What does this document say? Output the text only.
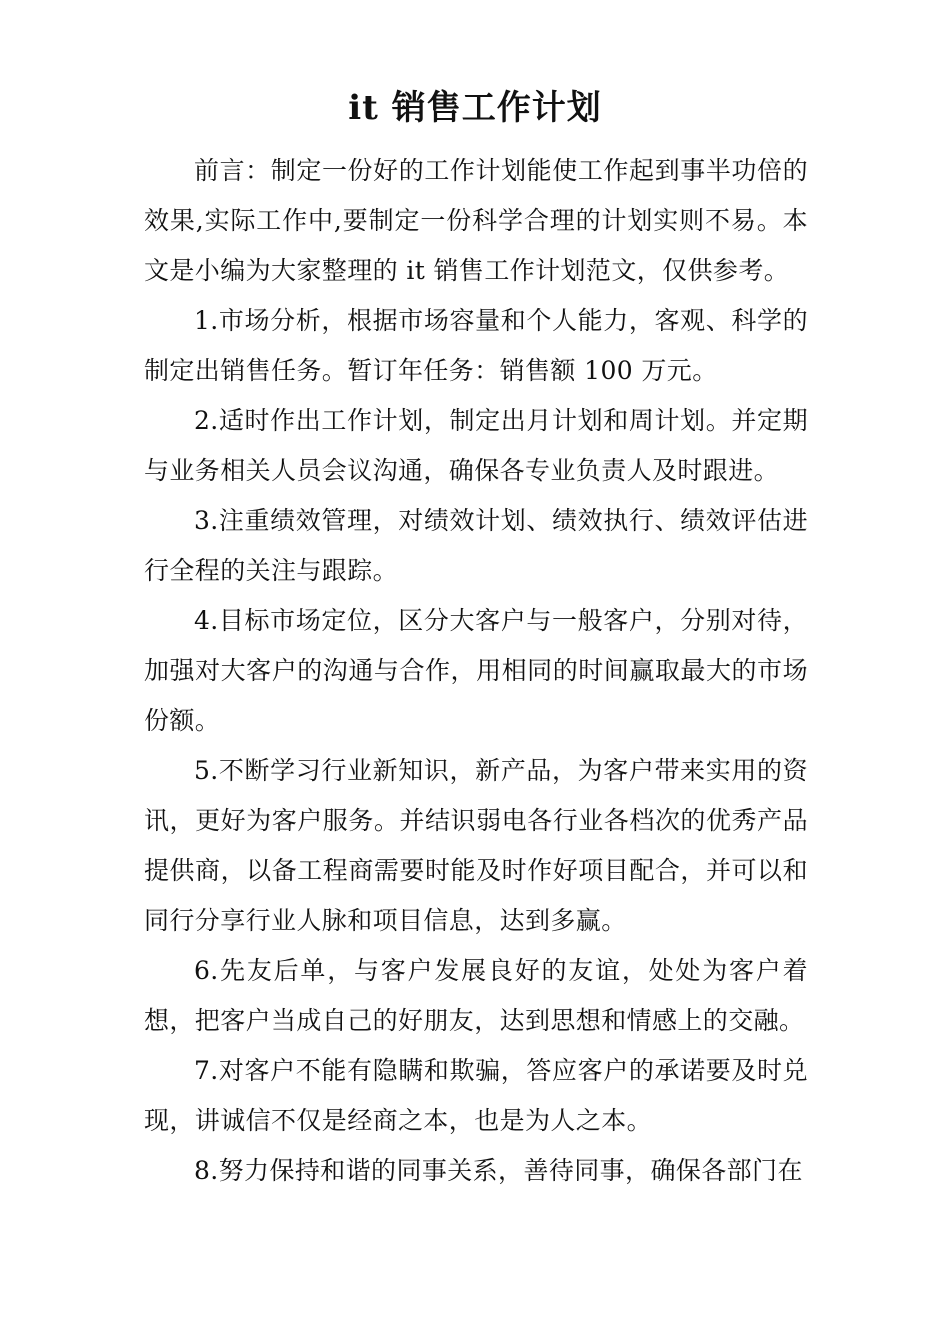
it 销售工作计划

前言：制定一份好的工作计划能使工作起到事半功倍的效果,实际工作中,要制定一份科学合理的计划实则不易。本文是小编为大家整理的 it 销售工作计划范文，仅供参考。

1.市场分析，根据市场容量和个人能力，客观、科学的制定出销售任务。暂订年任务：销售额 100 万元。

2.适时作出工作计划，制定出月计划和周计划。并定期与业务相关人员会议沟通，确保各专业负责人及时跟进。

3.注重绩效管理，对绩效计划、绩效执行、绩效评估进行全程的关注与跟踪。

4.目标市场定位，区分大客户与一般客户，分别对待，加强对大客户的沟通与合作，用相同的时间赢取最大的市场份额。

5.不断学习行业新知识，新产品，为客户带来实用的资讯，更好为客户服务。并结识弱电各行业各档次的优秀产品提供商，以备工程商需要时能及时作好项目配合，并可以和同行分享行业人脉和项目信息，达到多赢。

6.先友后单，与客户发展良好的友谊，处处为客户着想，把客户当成自己的好朋友，达到思想和情感上的交融。

7.对客户不能有隐瞒和欺骗，答应客户的承诺要及时兑现，讲诚信不仅是经商之本，也是为人之本。

8.努力保持和谐的同事关系，善待同事，确保各部门在
